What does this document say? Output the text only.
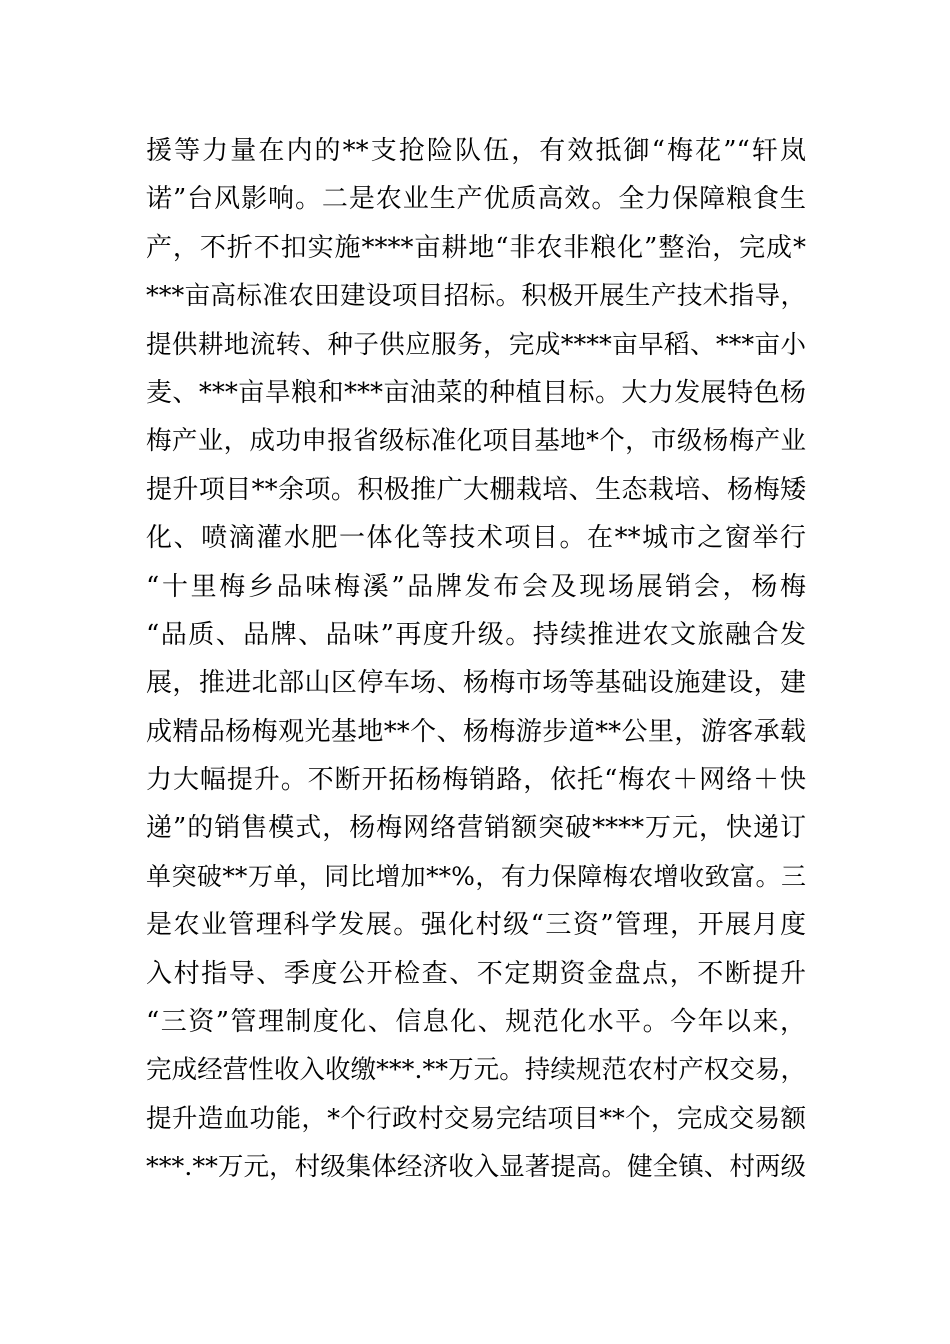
援等力量在内的**支抢险队伍，有效抵御“梅花”“轩岚
诺”台风影响。二是农业生产优质高效。全力保障粮食生
产，不折不扣实施****亩耕地“非农非粮化”整治，完成*
***亩高标准农田建设项目招标。积极开展生产技术指导，
提供耕地流转、种子供应服务，完成****亩早稻、***亩小
麦、***亩旱粮和***亩油菜的种植目标。大力发展特色杨
梅产业，成功申报省级标准化项目基地*个，市级杨梅产业
提升项目**余项。积极推广大棚栽培、生态栽培、杨梅矮
化、喷滴灌水肥一体化等技术项目。在**城市之窗举行
“十里梅乡品味梅溪”品牌发布会及现场展销会，杨梅
“品质、品牌、品味”再度升级。持续推进农文旅融合发
展，推进北部山区停车场、杨梅市场等基础设施建设，建
成精品杨梅观光基地**个、杨梅游步道**公里，游客承载
力大幅提升。不断开拓杨梅销路，依托“梅农＋网络＋快
递”的销售模式，杨梅网络营销额突破****万元，快递订
单突破**万单，同比增加**%，有力保障梅农增收致富。三
是农业管理科学发展。强化村级“三资”管理，开展月度
入村指导、季度公开检查、不定期资金盘点，不断提升
“三资”管理制度化、信息化、规范化水平。今年以来，
完成经营性收入收缴***.**万元。持续规范农村产权交易，
提升造血功能，*个行政村交易完结项目**个，完成交易额
***.**万元，村级集体经济收入显著提高。健全镇、村两级
